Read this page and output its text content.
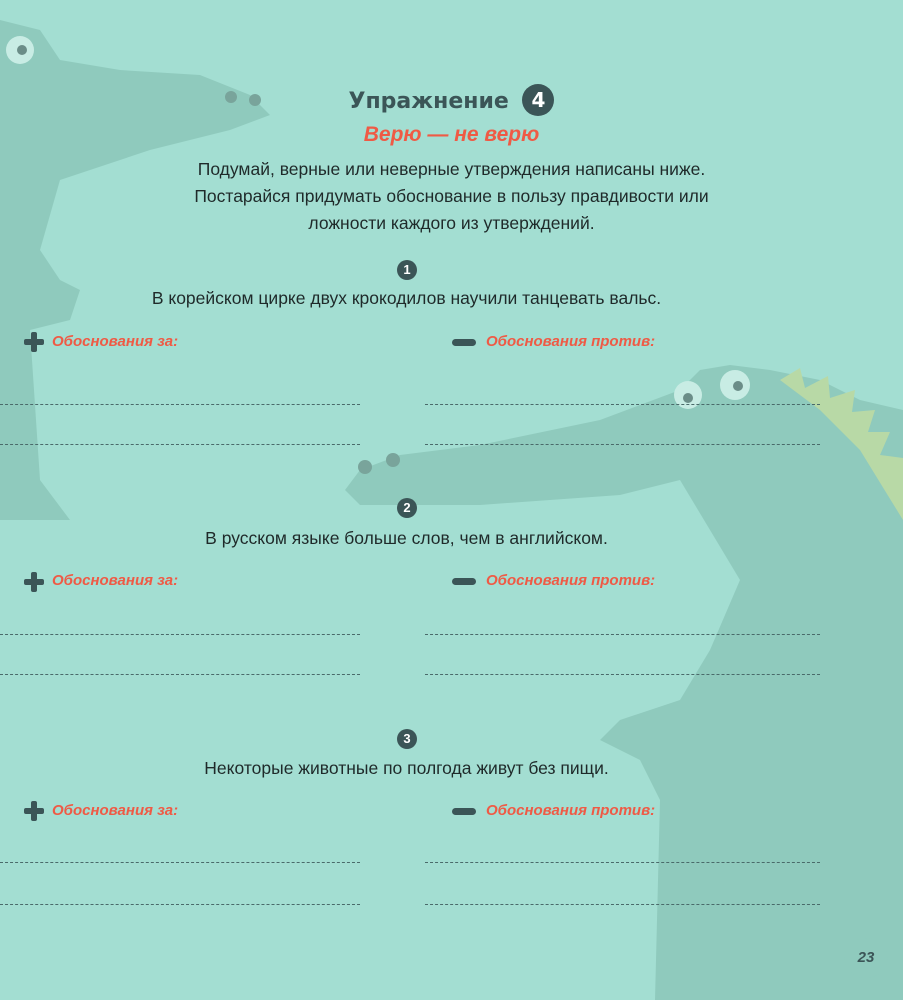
Упражнение 4
Верю — не верю
Подумай, верные или неверные утверждения написаны ниже.
Постарайся придумать обоснование в пользу правдивости или
ложности каждого из утверждений.
1
В корейском цирке двух крокодилов научили танцевать вальс.
Обоснования за:	Обоснования против:
2
В русском языке больше слов, чем в английском.
Обоснования за:	Обоснования против:
3
Некоторые животные по полгода живут без пищи.
Обоснования за:	Обоснования против:
23
